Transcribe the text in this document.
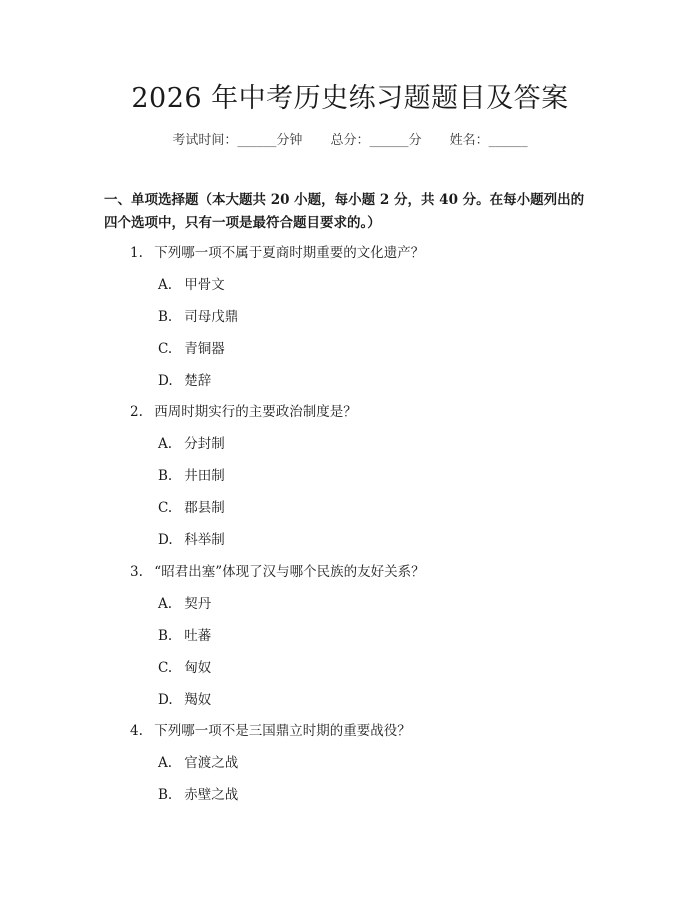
2026 年中考历史练习题题目及答案
考试时间：______分钟 总分：______分 姓名：______
一、单项选择题（本大题共 20 小题，每小题 2 分，共 40 分。在每小题列出的四个选项中，只有一项是最符合题目要求的。）
1. 下列哪一项不属于夏商时期重要的文化遗产？
A. 甲骨文
B. 司母戊鼎
C. 青铜器
D. 楚辞
2. 西周时期实行的主要政治制度是？
A. 分封制
B. 井田制
C. 郡县制
D. 科举制
3. “昭君出塞”体现了汉与哪个民族的友好关系？
A. 契丹
B. 吐蕃
C. 匈奴
D. 羯奴
4. 下列哪一项不是三国鼎立时期的重要战役？
A. 官渡之战
B. 赤壁之战
